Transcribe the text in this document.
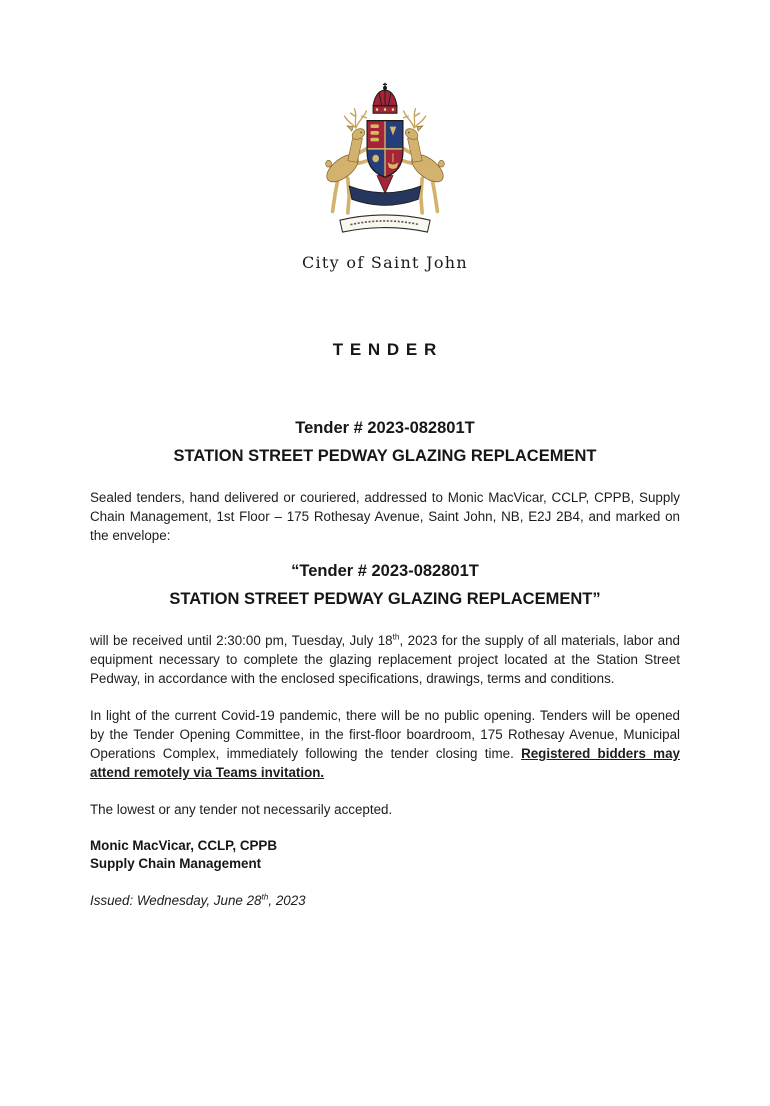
City of Saint John
T E N D E R
Tender # 2023-082801T
STATION STREET PEDWAY GLAZING REPLACEMENT

Sealed tenders, hand delivered or couriered, addressed to Monic MacVicar, CCLP, CPPB, Supply Chain Management, 1st Floor – 175 Rothesay Avenue, Saint John, NB, E2J 2B4, and marked on the envelope:

“Tender # 2023-082801T
STATION STREET PEDWAY GLAZING REPLACEMENT”

will be received until 2:30:00 pm, Tuesday, July 18th, 2023 for the supply of all materials, labor and equipment necessary to complete the glazing replacement project located at the Station Street Pedway, in accordance with the enclosed specifications, drawings, terms and conditions.

In light of the current Covid-19 pandemic, there will be no public opening. Tenders will be opened by the Tender Opening Committee, in the first-floor boardroom, 175 Rothesay Avenue, Municipal Operations Complex, immediately following the tender closing time. Registered bidders may attend remotely via Teams invitation.

The lowest or any tender not necessarily accepted.

Monic MacVicar, CCLP, CPPB
Supply Chain Management

Issued: Wednesday, June 28th, 2023
